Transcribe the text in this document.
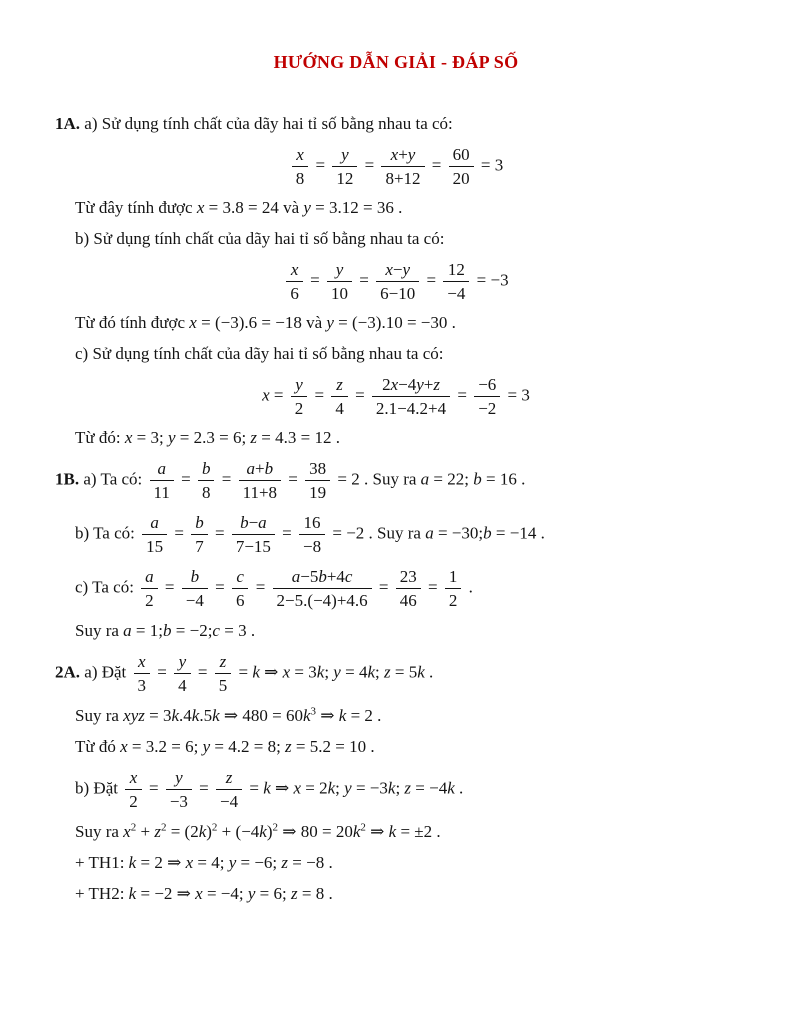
HƯỚNG DẪN GIẢI - ĐÁP SỐ
1A. a) Sử dụng tính chất của dãy hai tỉ số bằng nhau ta có:
$\frac{x}{8} = \frac{y}{12} = \frac{x+y}{8+12} = \frac{60}{20} = 3$
Từ đây tính được x = 3.8 = 24 và y = 3.12 = 36 .
b) Sử dụng tính chất của dãy hai tỉ số bằng nhau ta có:
$\frac{x}{6} = \frac{y}{10} = \frac{x-y}{6-10} = \frac{12}{-4} = -3$
Từ đó tính được x = (−3).6 = −18 và y = (−3).10 = −30 .
c) Sử dụng tính chất của dãy hai tỉ số bằng nhau ta có:
$x = \frac{y}{2} = \frac{z}{4} = \frac{2x-4y+z}{2.1-4.2+4} = \frac{-6}{-2} = 3$
Từ đó: x = 3; y = 2.3 = 6; z = 4.3 = 12 .
1B. a) Ta có: $\frac{a}{11} = \frac{b}{8} = \frac{a+b}{11+8} = \frac{38}{19} = 2$ . Suy ra a = 22; b = 16 .
b) Ta có: $\frac{a}{15} = \frac{b}{7} = \frac{b-a}{7-15} = \frac{16}{-8} = -2$ . Suy ra a = −30;b = −14 .
c) Ta có: $\frac{a}{2} = \frac{b}{-4} = \frac{c}{6} = \frac{a-5b+4c}{2-5.(-4)+4.6} = \frac{23}{46} = \frac{1}{2}$ .
Suy ra a = 1;b = −2;c = 3 .
2A. a) Đặt $\frac{x}{3} = \frac{y}{4} = \frac{z}{5} = k$ ⇒ x = 3k; y = 4k; z = 5k .
Suy ra xyz = 3k.4k.5k ⇒ $480 = 60k^3$ ⇒ k = 2 .
Từ đó x = 3.2 = 6; y = 4.2 = 8; z = 5.2 = 10 .
b) Đặt $\frac{x}{2} = \frac{y}{-3} = \frac{z}{-4} = k$ ⇒ x = 2k; y = −3k; z = −4k .
Suy ra $x^2 + z^2 = (2k)^2 + (-4k)^2$ ⇒ $80 = 20k^2$ ⇒ k = ±2 .
+ TH1: k = 2 ⇒ x = 4; y = −6; z = −8 .
+ TH2: k = −2 ⇒ x = −4; y = 6; z = 8 .
